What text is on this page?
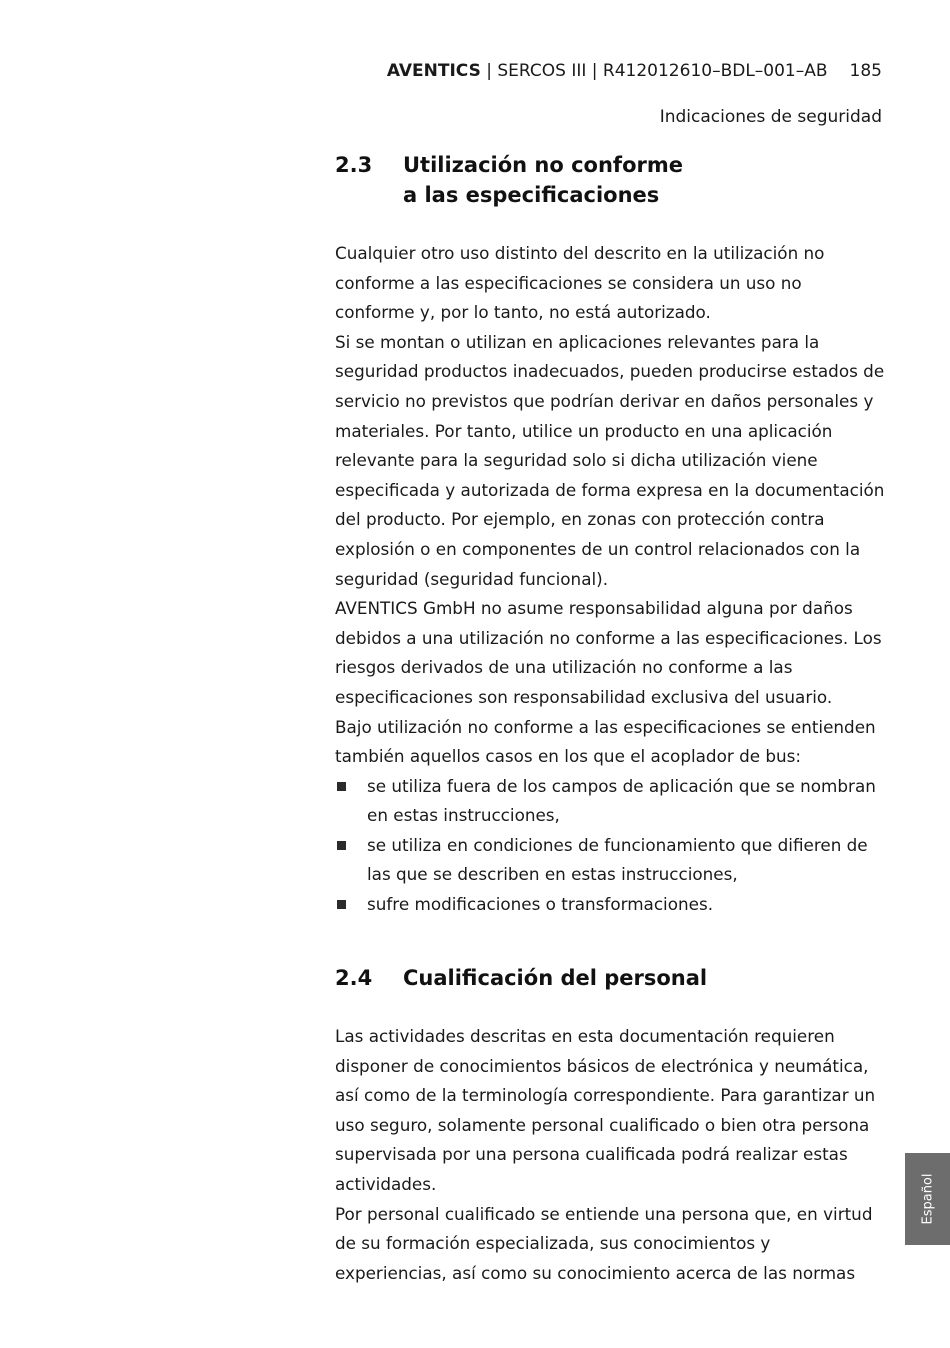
AVENTICS | SERCOS III | R412012610–BDL–001–AB 185
Indicaciones de seguridad
2.3 Utilización no conforme
a las especificaciones

Cualquier otro uso distinto del descrito en la utilización no conforme a las especificaciones se considera un uso no conforme y, por lo tanto, no está autorizado.

Si se montan o utilizan en aplicaciones relevantes para la seguridad productos inadecuados, pueden producirse estados de servicio no previstos que podrían derivar en daños personales y materiales. Por tanto, utilice un producto en una aplicación relevante para la seguridad solo si dicha utilización viene especificada y autorizada de forma expresa en la documentación del producto. Por ejemplo, en zonas con protección contra explosión o en componentes de un control relacionados con la seguridad (seguridad funcional).

AVENTICS GmbH no asume responsabilidad alguna por daños debidos a una utilización no conforme a las especificaciones. Los riesgos derivados de una utilización no conforme a las especificaciones son responsabilidad exclusiva del usuario.

Bajo utilización no conforme a las especificaciones se entienden también aquellos casos en los que el acoplador de bus:

se utiliza fuera de los campos de aplicación que se nombran en estas instrucciones,
se utiliza en condiciones de funcionamiento que difieren de las que se describen en estas instrucciones,
sufre modificaciones o transformaciones.
2.4 Cualificación del personal

Las actividades descritas en esta documentación requieren disponer de conocimientos básicos de electrónica y neumática, así como de la terminología correspondiente. Para garantizar un uso seguro, solamente personal cualificado o bien otra persona supervisada por una persona cualificada podrá realizar estas actividades.

Por personal cualificado se entiende una persona que, en virtud de su formación especializada, sus conocimientos y experiencias, así como su conocimiento acerca de las normas

Español
